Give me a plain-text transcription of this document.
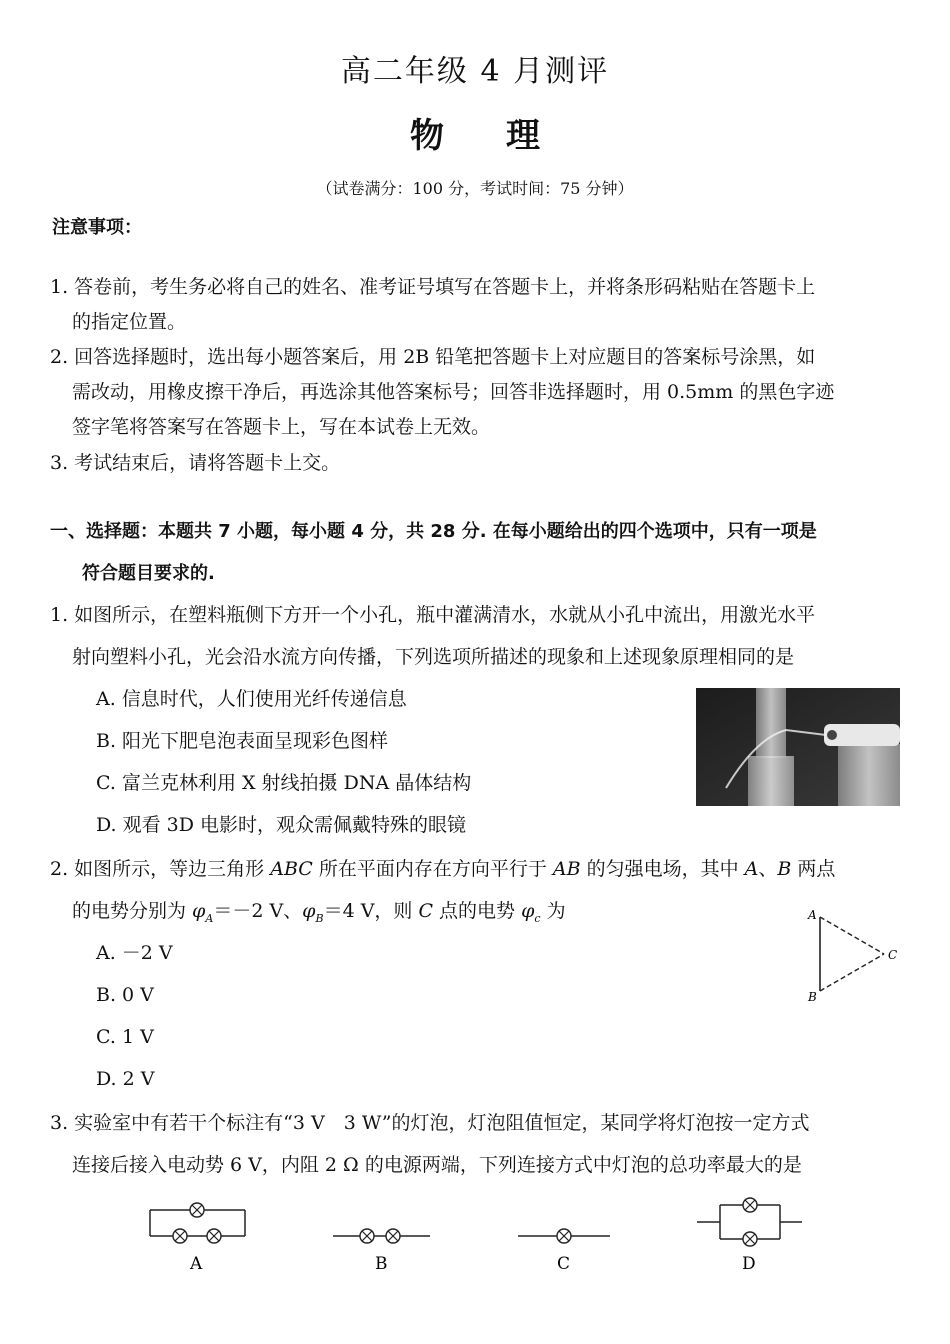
高二年级 4 月测评
物理
（试卷满分：100 分，考试时间：75 分钟）
注意事项：
1. 答卷前，考生务必将自己的姓名、准考证号填写在答题卡上，并将条形码粘贴在答题卡上
的指定位置。
2. 回答选择题时，选出每小题答案后，用 2B 铅笔把答题卡上对应题目的答案标号涂黑，如
需改动，用橡皮擦干净后，再选涂其他答案标号；回答非选择题时，用 0.5mm 的黑色字迹
签字笔将答案写在答题卡上，写在本试卷上无效。
3. 考试结束后，请将答题卡上交。
一、选择题：本题共 7 小题，每小题 4 分，共 28 分. 在每小题给出的四个选项中，只有一项是
符合题目要求的.
1. 如图所示，在塑料瓶侧下方开一个小孔，瓶中灌满清水，水就从小孔中流出，用激光水平
射向塑料小孔，光会沿水流方向传播，下列选项所描述的现象和上述现象原理相同的是
A. 信息时代，人们使用光纤传递信息
B. 阳光下肥皂泡表面呈现彩色图样
C. 富兰克林利用 X 射线拍摄 DNA 晶体结构
D. 观看 3D 电影时，观众需佩戴特殊的眼镜
2. 如图所示，等边三角形 ABC 所在平面内存在方向平行于 AB 的匀强电场，其中 A、B 两点
的电势分别为 $\varphi_A=-2$ V、$\varphi_B=4$ V，则 C 点的电势 $\varphi_c$ 为
A. －2 V
B. 0 V
C. 1 V
D. 2 V
A
B
C
3. 实验室中有若干个标注有“3 V　3 W”的灯泡，灯泡阻值恒定，某同学将灯泡按一定方式
连接后接入电动势 6 V，内阻 2 Ω 的电源两端，下列连接方式中灯泡的总功率最大的是
A	B	C	D
